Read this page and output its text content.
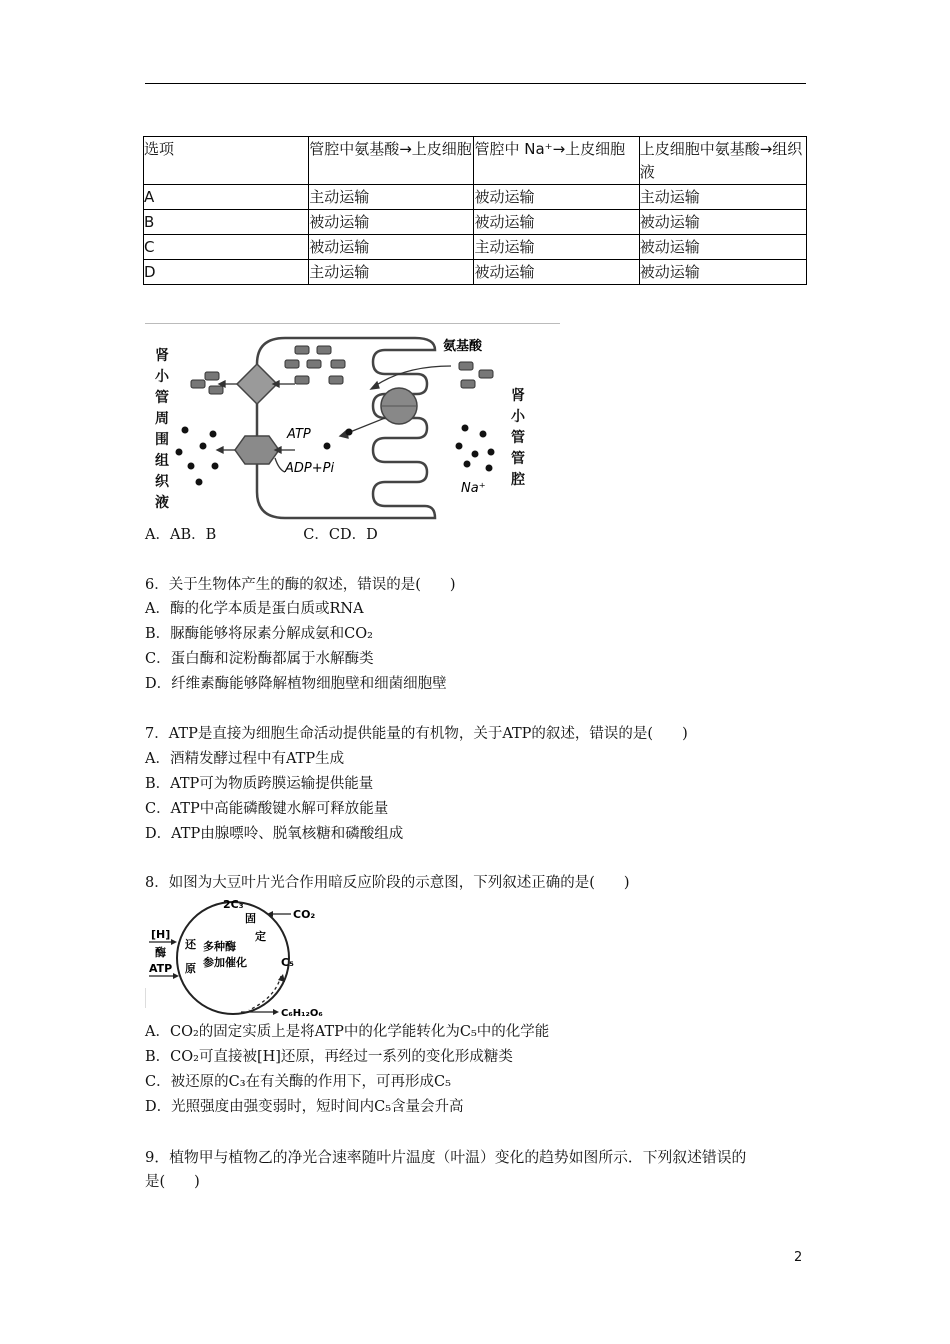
选项	管腔中氨基酸→上皮细胞	管腔中 Na⁺→上皮细胞	上皮细胞中氨基酸→组织液
A	主动运输	被动运输	主动运输
B	被动运输	被动运输	被动运输
C	被动运输	主动运输	被动运输
D	主动运输	被动运输	被动运输
肾
小
管
周
围
组
织
液
肾
小
管
管
腔
氨基酸
ATP
ADP+Pi
Na⁺
A．AB．B　　　　　　C．CD．D
6．关于生物体产生的酶的叙述，错误的是(　　)
A．酶的化学本质是蛋白质或RNA
B．脲酶能够将尿素分解成氨和CO₂
C．蛋白酶和淀粉酶都属于水解酶类
D．纤维素酶能够降解植物细胞壁和细菌细胞壁
7．ATP是直接为细胞生命活动提供能量的有机物，关于ATP的叙述，错误的是(　　)
A．酒精发酵过程中有ATP生成
B．ATP可为物质跨膜运输提供能量
C．ATP中高能磷酸键水解可释放能量
D．ATP由腺嘌呤、脱氧核糖和磷酸组成
8．如图为大豆叶片光合作用暗反应阶段的示意图，下列叙述正确的是(　　)
2C₃
固
定
CO₂
[H]
酶
ATP
还
原
多种酶
参加催化	C₅
C₆H₁₂O₆
A．CO₂的固定实质上是将ATP中的化学能转化为C₅中的化学能
B．CO₂可直接被[H]还原，再经过一系列的变化形成糖类
C．被还原的C₃在有关酶的作用下，可再形成C₅
D．光照强度由强变弱时，短时间内C₅含量会升高
9．植物甲与植物乙的净光合速率随叶片温度（叶温）变化的趋势如图所示．下列叙述错误的
是(　　)
2
